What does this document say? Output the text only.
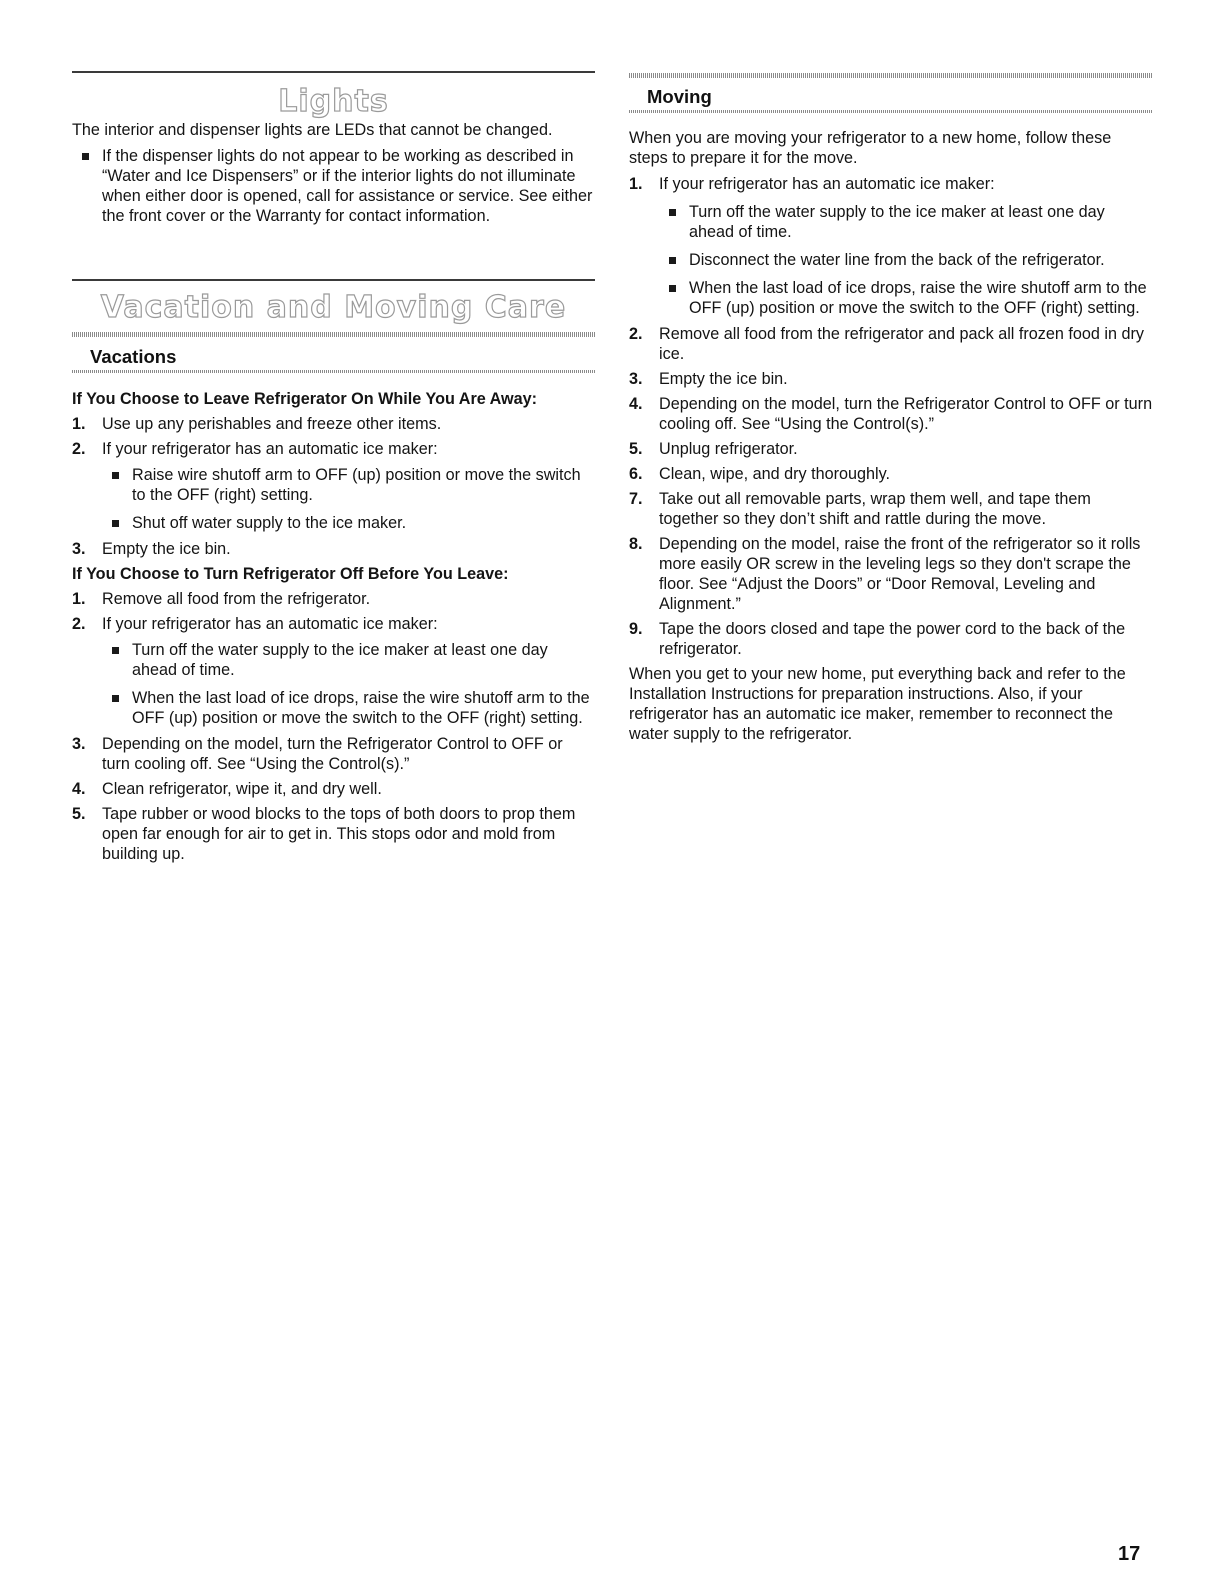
Lights

The interior and dispenser lights are LEDs that cannot be changed.

If the dispenser lights do not appear to be working as described in “Water and Ice Dispensers” or if the interior lights do not illuminate when either door is opened, call for assistance or service. See either the front cover or the Warranty for contact information.

Vacation and Moving Care
Vacations

If You Choose to Leave Refrigerator On While You Are Away:

1. Use up any perishables and freeze other items.

2. If your refrigerator has an automatic ice maker:

Raise wire shutoff arm to OFF (up) position or move the switch to the OFF (right) setting.

Shut off water supply to the ice maker.

3. Empty the ice bin.

If You Choose to Turn Refrigerator Off Before You Leave:

1. Remove all food from the refrigerator.

2. If your refrigerator has an automatic ice maker:

Turn off the water supply to the ice maker at least one day ahead of time.

When the last load of ice drops, raise the wire shutoff arm to the OFF (up) position or move the switch to the OFF (right) setting.

3. Depending on the model, turn the Refrigerator Control to OFF or turn cooling off. See “Using the Control(s).”

4. Clean refrigerator, wipe it, and dry well.

5. Tape rubber or wood blocks to the tops of both doors to prop them open far enough for air to get in. This stops odor and mold from building up.

Moving

When you are moving your refrigerator to a new home, follow these steps to prepare it for the move.

1. If your refrigerator has an automatic ice maker:

Turn off the water supply to the ice maker at least one day ahead of time.

Disconnect the water line from the back of the refrigerator.

When the last load of ice drops, raise the wire shutoff arm to the OFF (up) position or move the switch to the OFF (right) setting.

2. Remove all food from the refrigerator and pack all frozen food in dry ice.

3. Empty the ice bin.

4. Depending on the model, turn the Refrigerator Control to OFF or turn cooling off. See “Using the Control(s).”

5. Unplug refrigerator.

6. Clean, wipe, and dry thoroughly.

7. Take out all removable parts, wrap them well, and tape them together so they don’t shift and rattle during the move.

8. Depending on the model, raise the front of the refrigerator so it rolls more easily OR screw in the leveling legs so they don't scrape the floor. See “Adjust the Doors” or “Door Removal, Leveling and Alignment.”

9. Tape the doors closed and tape the power cord to the back of the refrigerator.

When you get to your new home, put everything back and refer to the Installation Instructions for preparation instructions. Also, if your refrigerator has an automatic ice maker, remember to reconnect the water supply to the refrigerator.

17
